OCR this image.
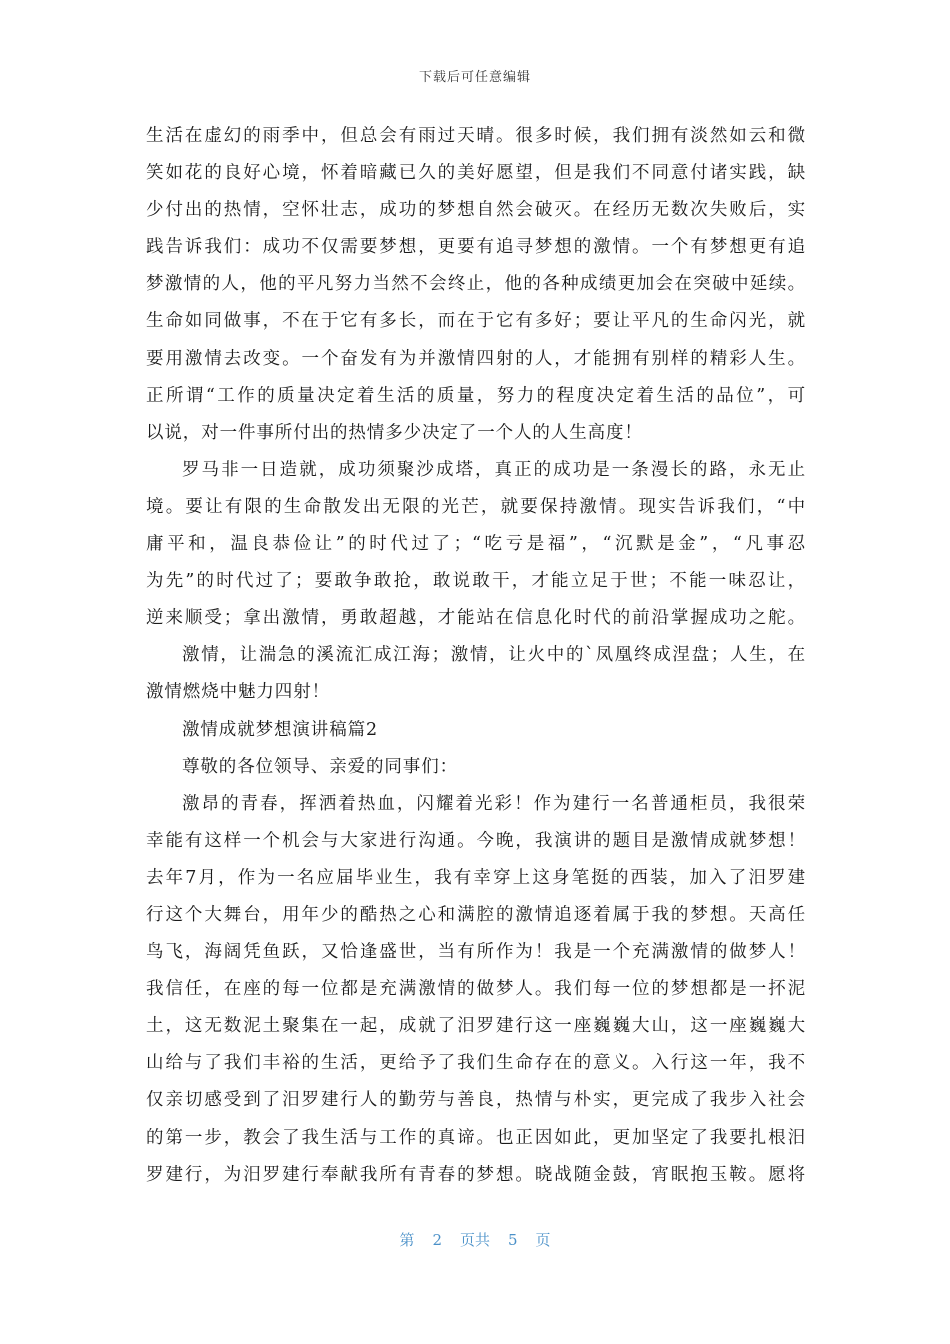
下载后可任意编辑
生活在虚幻的雨季中，但总会有雨过天晴。很多时候，我们拥有淡然如云和微
笑如花的良好心境，怀着暗藏已久的美好愿望，但是我们不同意付诸实践，缺
少付出的热情，空怀壮志，成功的梦想自然会破灭。在经历无数次失败后，实
践告诉我们：成功不仅需要梦想，更要有追寻梦想的激情。一个有梦想更有追
梦激情的人，他的平凡努力当然不会终止，他的各种成绩更加会在突破中延续。
生命如同做事，不在于它有多长，而在于它有多好；要让平凡的生命闪光，就
要用激情去改变。一个奋发有为并激情四射的人，才能拥有别样的精彩人生。
正所谓“工作的质量决定着生活的质量，努力的程度决定着生活的品位”，可
以说，对一件事所付出的热情多少决定了一个人的人生高度！
罗马非一日造就，成功须聚沙成塔，真正的成功是一条漫长的路，永无止
境。要让有限的生命散发出无限的光芒，就要保持激情。现实告诉我们，“中
庸平和，温良恭俭让”的时代过了；“吃亏是福”，“沉默是金”，“凡事忍
为先”的时代过了；要敢争敢抢，敢说敢干，才能立足于世；不能一味忍让，
逆来顺受；拿出激情，勇敢超越，才能站在信息化时代的前沿掌握成功之舵。
激情，让湍急的溪流汇成江海；激情，让火中的`凤凰终成涅盘；人生，在
激情燃烧中魅力四射！
激情成就梦想演讲稿篇2
尊敬的各位领导、亲爱的同事们：
激昂的青春，挥洒着热血，闪耀着光彩！作为建行一名普通柜员，我很荣
幸能有这样一个机会与大家进行沟通。今晚，我演讲的题目是激情成就梦想！
去年7月，作为一名应届毕业生，我有幸穿上这身笔挺的西装，加入了汨罗建
行这个大舞台，用年少的酷热之心和满腔的激情追逐着属于我的梦想。天高任
鸟飞，海阔凭鱼跃，又恰逢盛世，当有所作为！我是一个充满激情的做梦人！
我信任，在座的每一位都是充满激情的做梦人。我们每一位的梦想都是一抔泥
土，这无数泥土聚集在一起，成就了汨罗建行这一座巍巍大山，这一座巍巍大
山给与了我们丰裕的生活，更给予了我们生命存在的意义。入行这一年，我不
仅亲切感受到了汨罗建行人的勤劳与善良，热情与朴实，更完成了我步入社会
的第一步，教会了我生活与工作的真谛。也正因如此，更加坚定了我要扎根汨
罗建行，为汨罗建行奉献我所有青春的梦想。晓战随金鼓，宵眠抱玉鞍。愿将
第 2 页共 5 页
